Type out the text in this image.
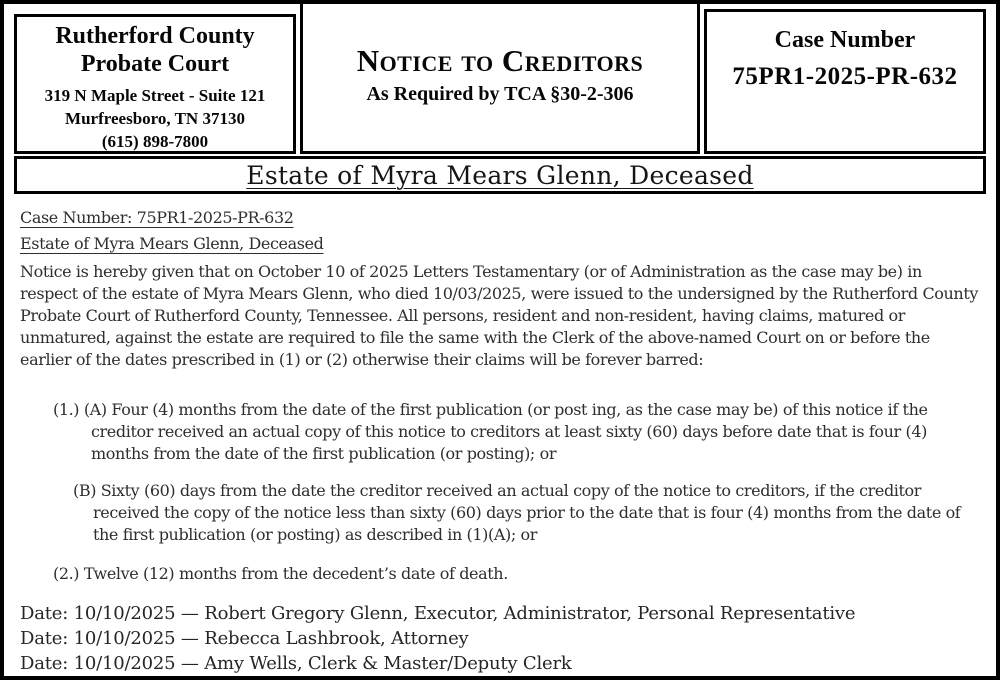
Rutherford County
Probate Court
319 N Maple Street - Suite 121
Murfreesboro, TN 37130
(615) 898-7800
Notice to Creditors
As Required by TCA §30-2-306
Case Number
75PR1-2025-PR-632
Estate of Myra Mears Glenn, Deceased
Case Number: 75PR1-2025-PR-632
Estate of Myra Mears Glenn, Deceased

Notice is hereby given that on October 10 of 2025 Letters Testamentary (or of Administration as the case may be) in respect of the estate of Myra Mears Glenn, who died 10/03/2025, were issued to the undersigned by the Rutherford County Probate Court of Rutherford County, Tennessee. All persons, resident and non-resident, having claims, matured or unmatured, against the estate are required to file the same with the Clerk of the above-named Court on or before the earlier of the dates prescribed in (1) or (2) otherwise their claims will be forever barred:

(1.) (A) Four (4) months from the date of the first publication (or post ing, as the case may be) of this notice if the creditor received an actual copy of this notice to creditors at least sixty (60) days before date that is four (4) months from the date of the first publication (or posting); or

(B) Sixty (60) days from the date the creditor received an actual copy of the notice to creditors, if the creditor received the copy of the notice less than sixty (60) days prior to the date that is four (4) months from the date of the first publication (or posting) as described in (1)(A); or

(2.) Twelve (12) months from the decedent’s date of death.

Date: 10/10/2025 — Robert Gregory Glenn, Executor, Administrator, Personal Representative
Date: 10/10/2025 — Rebecca Lashbrook, Attorney
Date: 10/10/2025 — Amy Wells, Clerk & Master/Deputy Clerk
